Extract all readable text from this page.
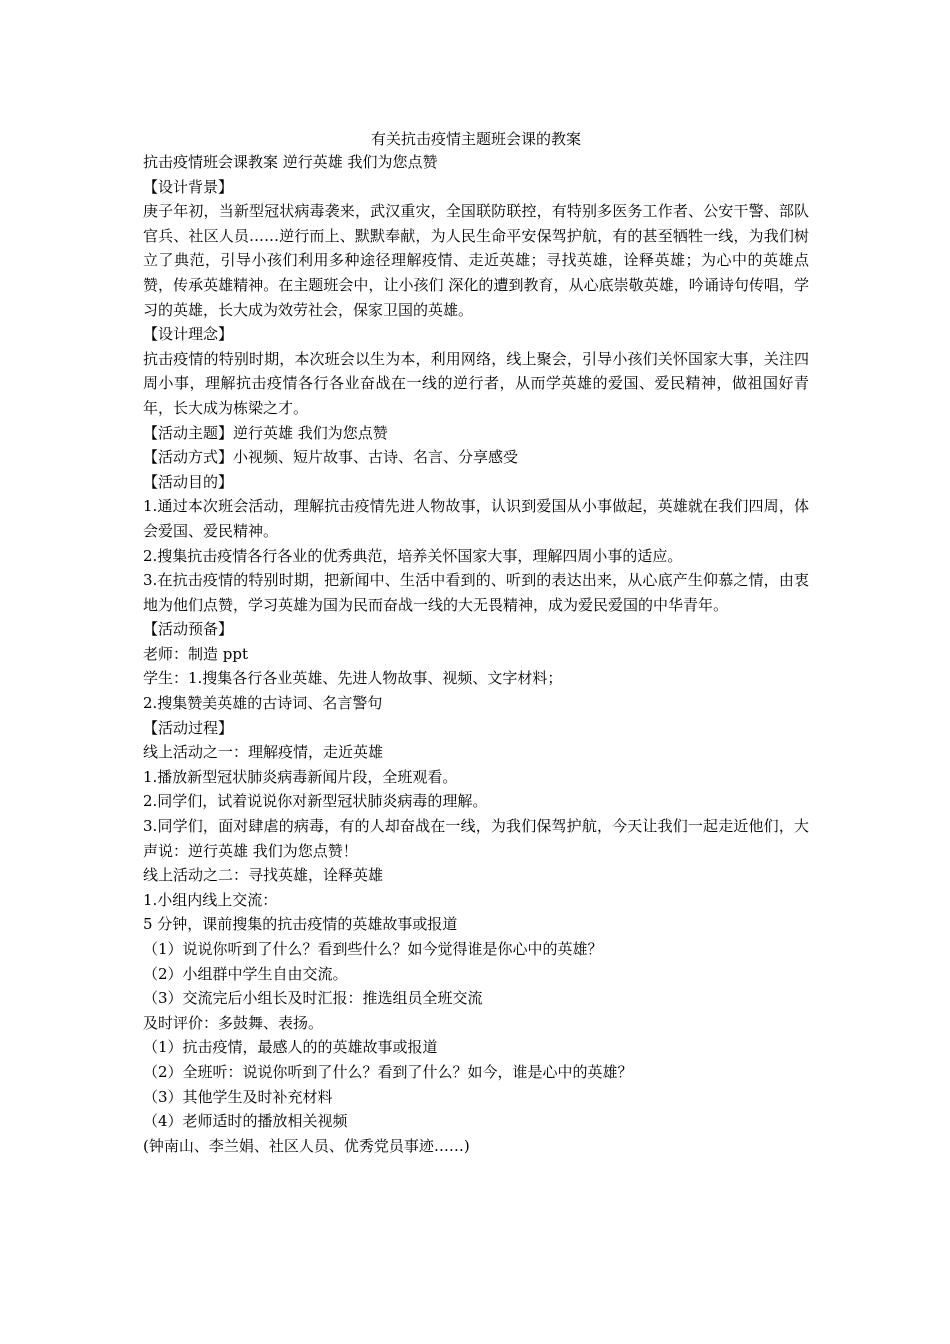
有关抗击疫情主题班会课的教案

抗击疫情班会课教案 逆行英雄 我们为您点赞

【设计背景】

庚子年初，当新型冠状病毒袭来，武汉重灾，全国联防联控，有特别多医务工作者、公安干警、部队官兵、社区人员……逆行而上、默默奉献，为人民生命平安保驾护航，有的甚至牺牲一线，为我们树立了典范，引导小孩们利用多种途径理解疫情、走近英雄；寻找英雄，诠释英雄；为心中的英雄点赞，传承英雄精神。在主题班会中，让小孩们 深化的遭到教育，从心底崇敬英雄，吟诵诗句传唱，学习的英雄，长大成为效劳社会，保家卫国的英雄。

【设计理念】

抗击疫情的特别时期，本次班会以生为本，利用网络，线上聚会，引导小孩们关怀国家大事，关注四周小事，理解抗击疫情各行各业奋战在一线的逆行者，从而学英雄的爱国、爱民精神，做祖国好青年，长大成为栋梁之才。

【活动主题】逆行英雄 我们为您点赞

【活动方式】小视频、短片故事、古诗、名言、分享感受

【活动目的】

1.通过本次班会活动，理解抗击疫情先进人物故事，认识到爱国从小事做起，英雄就在我们四周，体会爱国、爱民精神。

2.搜集抗击疫情各行各业的优秀典范，培养关怀国家大事，理解四周小事的适应。

3.在抗击疫情的特别时期，把新闻中、生活中看到的、听到的表达出来，从心底产生仰慕之情，由衷地为他们点赞，学习英雄为国为民而奋战一线的大无畏精神，成为爱民爱国的中华青年。

【活动预备】

老师：制造 ppt

学生：1.搜集各行各业英雄、先进人物故事、视频、文字材料；

2.搜集赞美英雄的古诗词、名言警句

【活动过程】

线上活动之一：理解疫情，走近英雄

1.播放新型冠状肺炎病毒新闻片段，全班观看。

2.同学们，试着说说你对新型冠状肺炎病毒的理解。

3.同学们，面对肆虐的病毒，有的人却奋战在一线，为我们保驾护航，今天让我们一起走近他们，大声说：逆行英雄 我们为您点赞！

线上活动之二：寻找英雄，诠释英雄

1.小组内线上交流：

5 分钟，课前搜集的抗击疫情的英雄故事或报道

（1）说说你听到了什么？看到些什么？如今觉得谁是你心中的英雄？

（2）小组群中学生自由交流。

（3）交流完后小组长及时汇报：推选组员全班交流

及时评价：多鼓舞、表扬。

（1）抗击疫情，最感人的的英雄故事或报道

（2）全班听：说说你听到了什么？看到了什么？如今，谁是心中的英雄？

（3）其他学生及时补充材料

（4）老师适时的播放相关视频

(钟南山、李兰娟、社区人员、优秀党员事迹……)
